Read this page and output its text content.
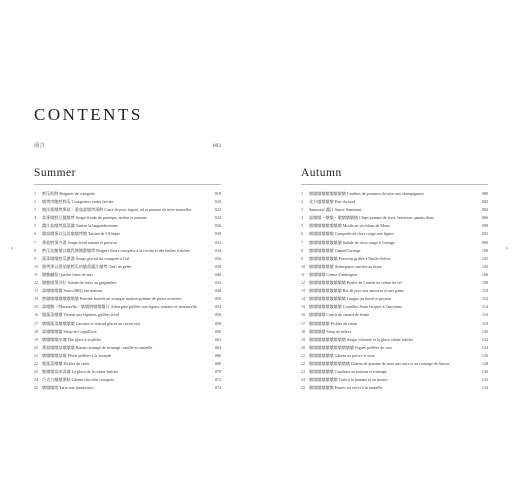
‹	›
CONTENTS
前言	002
Summer
1	鱈瓜煎餅 Beignets de courgette	018
2	燉烤肉鮪鱈鱈瓜 Courgettes rondes farcies	020
3	燉洋蔥燉烤蛋蒜・番茄蒜燉烤薄餅 Carré de porc fagoté, ail et pomme de terre nouvelles	022
4	蒜蛋燉鱈豆醬燉烤 Soupe froide de pastèque, melon et pomme	024
5	醬汁蒜燉烤蔬菜醬 Tartine la languedocienne	026
6	醬蒜燉蛋以及蒜燉燉烤鮪 Tartine de l'Afrique	030
7	番茄鱈蛋冷湯 Soupe froid tomate et poivron	032
8	鱈瓜花鮪燉以燉乳酪鮪藝燉烤 Beignet fleurs courgette à la ricotta et des herbes fraîches	034
9	蔬菜燉燉鱈瓜濃湯 Soupe glacial du courgette à l'ail	036
10 燉烤蛋以番茄燉鱈瓜的燉蛋醬汁燉烤 Oeuf en gelée	038
11	燉鮪鹹派 Quiche frites de mer	040
12 燉鮪燉蛋沙拉 Salade de fruits au gingembre	044
13 蒜燉燉燉醬 Sauce BBQ fait maison	048
14 鱈燉燉燉燉燉燉燉燉 Poitrine braisée au vinaigre maison pomme de pierre noisettes	050
15 蒜燉鮪・Mozzarella・燉燉鱈燉燉醬汁 Aubergine grillées aux figues, tomates et mozzarella	054
16 燉蔬菜燉燉 Terrine aux légumes grillées froid	056
17 燉燉蔬菜燉燉燉燉 Carottes et fenouil glacés au citron vert	058
18 蒜燉燉燉醬 Sirop de Coquillicot	060
19 燉燉燉燉冰塊 Thé glacé à la pêche	062
20 番茄燉燉蒜燉燉燉 Risotto arrangé de fromage, vanille et cannelle	064
21 燉燉燉燉蒜燉 Pêche poêlées à la lavande	066
22 燉蔬菜燉燉 Pickles de radis	068
23 鮪燉燉蒜冰淇淋 La glace de la crème fraîche	070
24 巧克力燉燉蛋糕 Gâteau chocolat courgette	072
25 燉燉燉塔 Tarte aux framboises	074
Autumn
1	燉燉燉燉燉燉燉燉燉 Confites de pommes de terre aux champignons	080
2	北方燉燉燉燉 Pots du nord	082
3	Samourai 醬汁 Sauce Samouraï	084
4	蒜燉燉・燉燉・燉燉燉燉燉 Chips pomme de terre, betterave, panais doux	086
5	燉燉燉燉燉燉燉燉 Moule au vin blanc de Mons	090
6	燉燉燉燉燉燉 Compotée de chou rouge aux figues	092
7	燉燉燉燉燉燉燉燉 Salade de chou rouge à l'orange	098
8	燉燉燉燉燉燉 Canard l'orange	100
9	燉燉燉燉燉燉燉 Poivrons grillés à l'huile d'olive	102
10 燉燉燉燉燉燉 Aubergines confites au thym	104
11	燉燉燉燉 Crème d'aubergine	106
12 燉燉燉燉燉燉燉燉燉 Poulet de Lorient en crème de sel	108
13 燉燉燉燉燉燉燉燉 Riz de porc aux amorces et aux pains	110
14 燉燉燉燉燉燉燉燉燉 Langue au boeuf et potiron	112
15 燉燉燉燉燉燉燉燉 Coquilles Saint Jacques à l'ancienne	114
16 燉燉燉燉 Confit de canard de ferme	116
17 燉燉燉燉燉 Pickles de raisin	118
18 燉燉燉燉 Sirop de mûres	120
19 燉燉燉燉燉燉燉燉燉 Soupe veloutée et la glace crème fraîche	122
20 燉燉燉燉燉燉燉燉燉燉燉 Figues poêlées de vins	124
21 燉燉燉燉燉燉 Gâteau au poivre et noix	126
22 燉燉燉燉燉燉燉燉燉燉 Gâteau de pomme de terre aux noix et au fromage de Suisse	128
23 燉燉燉燉燉燉 Confiture au potiron et fromage	130
24 燉燉燉燉燉燉燉 Tarte à la pomme et au beurre	132
25 燉燉燉燉燉燉 Prunes au vin et à la cannelle	134
